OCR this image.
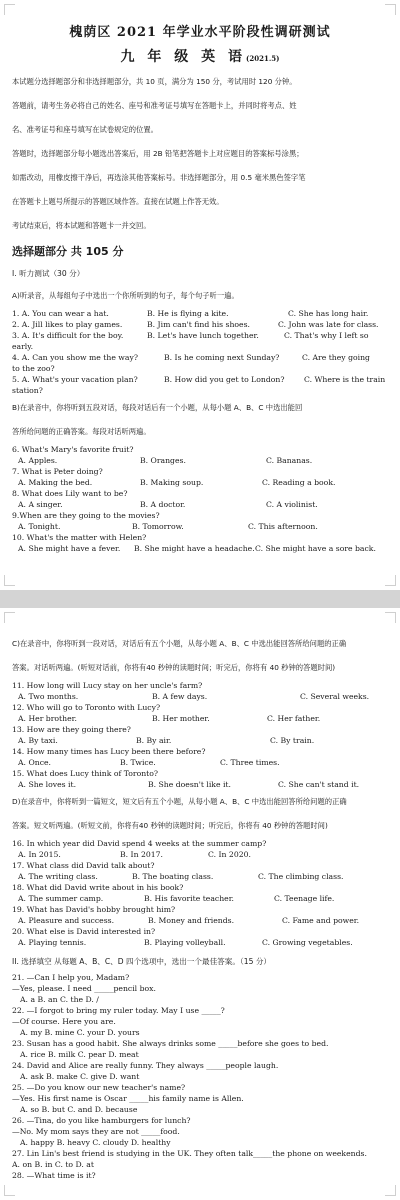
槐荫区 2021 年学业水平阶段性调研测试
九 年 级 英 语(2021.5)
本试题分选择题部分和非选择题部分，共 10 页，满分为 150 分，考试用时 120 分钟。
答题前，请考生务必将自己的姓名、座号和准考证号填写在答题卡上，并同时将考点、姓
名、准考证号和座号填写在试卷规定的位置。
答题时，选择题部分每小题选出答案后，用 2B 铅笔把答题卡上对应题目的答案标号涂黑；
如需改动，用橡皮擦干净后，再选涂其他答案标号。非选择题部分，用 0.5 毫米黑色签字笔
在答题卡上题号所提示的答题区域作答。直接在试题上作答无效。
考试结束后，将本试题和答题卡一并交回。
选择题部分 共 105 分
I. 听力测试（30 分）
A)听录音，从每组句子中选出一个你所听到的句子，每个句子听一遍。
1. A. You can wear a hat.	B. He is flying a kite.	C. She has long hair.
2. A. Jill likes to play games.	B. Jim can't find his shoes.	C. John was late for class.
3. A. It's difficult for the boy.	B. Let's have lunch together.	C. That's why I left so
early.
4. A. Can you show me the way?	B. Is he coming next Sunday?	C. Are they going
to the zoo?
5. A. What's your vacation plan?	B. How did you get to London?	C. Where is the train
station?
B)在录音中，你将听到五段对话，每段对话后有一个小题，从每小题 A、B、C 中选出能回
答所给问题的正确答案。每段对话听两遍。
6. What's Mary's favorite fruit?
A. Apples.	B. Oranges.	C. Bananas.
7. What is Peter doing?
A. Making the bed.	B. Making soup.	C. Reading a book.
8. What does Lily want to be?
A. A singer.	B. A doctor.	C. A violinist.
9.When are they going to the movies?
A. Tonight.	B. Tomorrow.	C. This afternoon.
10. What's the matter with Helen?
A. She might have a fever. B. She might have a headache. C. She might have a sore back.
C)在录音中，你将听到一段对话，对话后有五个小题，从每小题 A、B、C 中选出能回答所给问题的正确
答案。对话听两遍。(听短对话前，你将有40 秒钟的读题时间；听完后，你将有 40 秒钟的答题时间)
11. How long will Lucy stay on her uncle's farm?
A. Two months.	B. A few days.	C. Several weeks.
12. Who will go to Toronto with Lucy?
A. Her brother.	B. Her mother.	C. Her father.
13. How are they going there?
A. By taxi.	B. By air.	C. By train.
14. How many times has Lucy been there before?
A. Once.	B. Twice.	C. Three times.
15. What does Lucy think of Toronto?
A. She loves it.	B. She doesn't like it.	C. She can't stand it.
D)在录音中，你将听到一篇短文，短文后有五个小题，从每小题 A、B、C 中选出能回答所给问题的正确
答案。短文听两遍。(听短文前，你将有40 秒钟的读题时间；听完后，你将有 40 秒钟的答题时间)
16. In which year did David spend 4 weeks at the summer camp?
A. In 2015.	B. In 2017.	C. In 2020.
17. What class did David talk about?
A. The writing class.	B. The boating class.	C. The climbing class.
18. What did David write about in his book?
A. The summer camp.	B. His favorite teacher.	C. Teenage life.
19. What has David's hobby brought him?
A. Pleasure and success.	B. Money and friends.	C. Fame and power.
20. What else is David interested in?
A. Playing tennis.	B. Playing volleyball.	C. Growing vegetables.
II. 选择填空 从每题 A、B、C、D 四个选项中，选出一个最佳答案。（15 分）
21. —Can I help you, Madam?
—Yes, please. I need _____pencil box.
A. a B. an C. the D. /
22. —I forgot to bring my ruler today. May I use _____?
—Of course. Here you are.
A. my B. mine C. your D. yours
23. Susan has a good habit. She always drinks some _____before she goes to bed.
A. rice B. milk C. pear D. meat
24. David and Alice are really funny. They always _____people laugh.
A. ask B. make C. give D. want
25. —Do you know our new teacher's name?
—Yes. His first name is Oscar _____his family name is Allen.
A. so B. but C. and D. because
26. —Tina, do you like hamburgers for lunch?
—No. My mom says they are not _____food.
A. happy B. heavy C. cloudy D. healthy
27. Lin Lin's best friend is studying in the UK. They often talk_____the phone on weekends.
A. on B. in C. to D. at
28. —What time is it?
